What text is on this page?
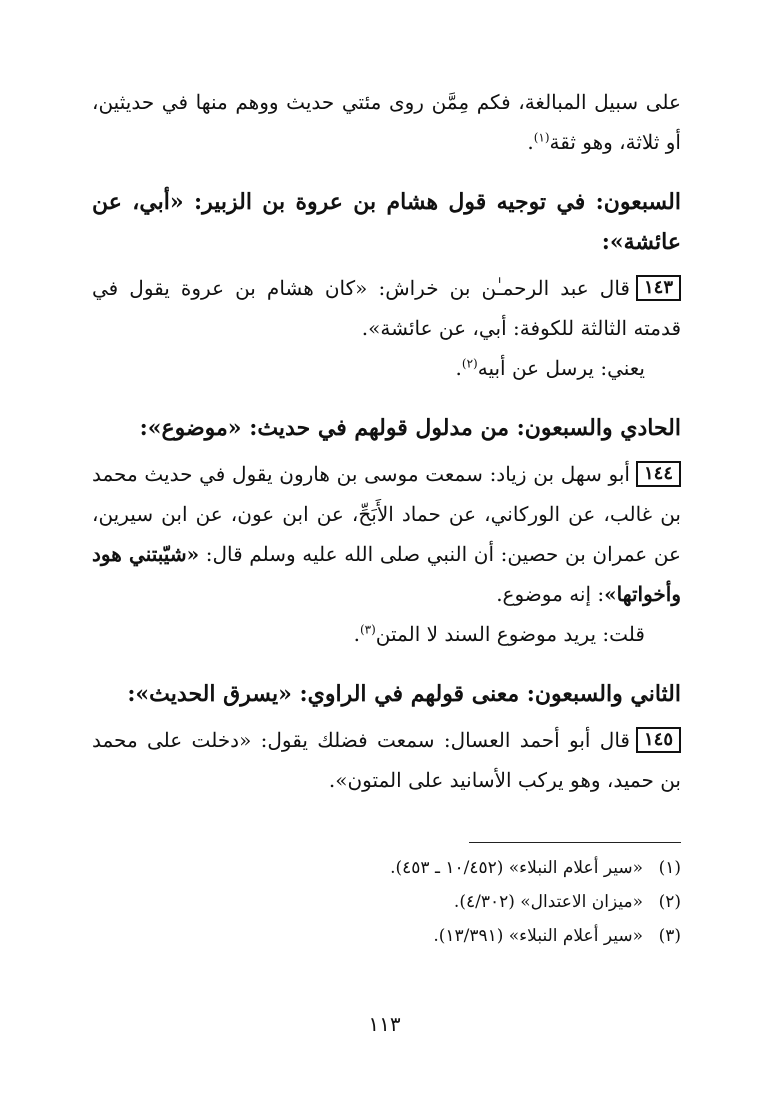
على سبيل المبالغة، فكم مِمَّن روى مئتي حديث ووهم منها في حديثين، أو ثلاثة، وهو ثقة$^{(١)}$.

السبعون: في توجيه قول هشام بن عروة بن الزبير: «أبي، عن عائشة»:

١٤٣قال عبد الرحمـٰن بن خراش: «كان هشام بن عروة يقول في قدمته الثالثة للكوفة: أبي، عن عائشة».

يعني: يرسل عن أبيه$^{(٢)}$.

الحادي والسبعون: من مدلول قولهم في حديث: «موضوع»:

١٤٤أبو سهل بن زياد: سمعت موسى بن هارون يقول في حديث محمد بن غالب، عن الوركاني، عن حماد الأَبَحِّ، عن ابن عون، عن ابن سيرين، عن عمران بن حصين: أن النبي صلى الله عليه وسلم قال: «شيّبتني هود وأخواتها»: إنه موضوع.

قلت: يريد موضوع السند لا المتن$^{(٣)}$.

الثاني والسبعون: معنى قولهم في الراوي: «يسرق الحديث»:

١٤٥قال أبو أحمد العسال: سمعت فضلك يقول: «دخلت على محمد بن حميد، وهو يركب الأسانيد على المتون».

(١)«سير أعلام النبلاء» (١٠/٤٥٢ ـ ٤٥٣).
(٢)«ميزان الاعتدال» (٤/٣٠٢).
(٣)«سير أعلام النبلاء» (١٣/٣٩١).
١١٣
